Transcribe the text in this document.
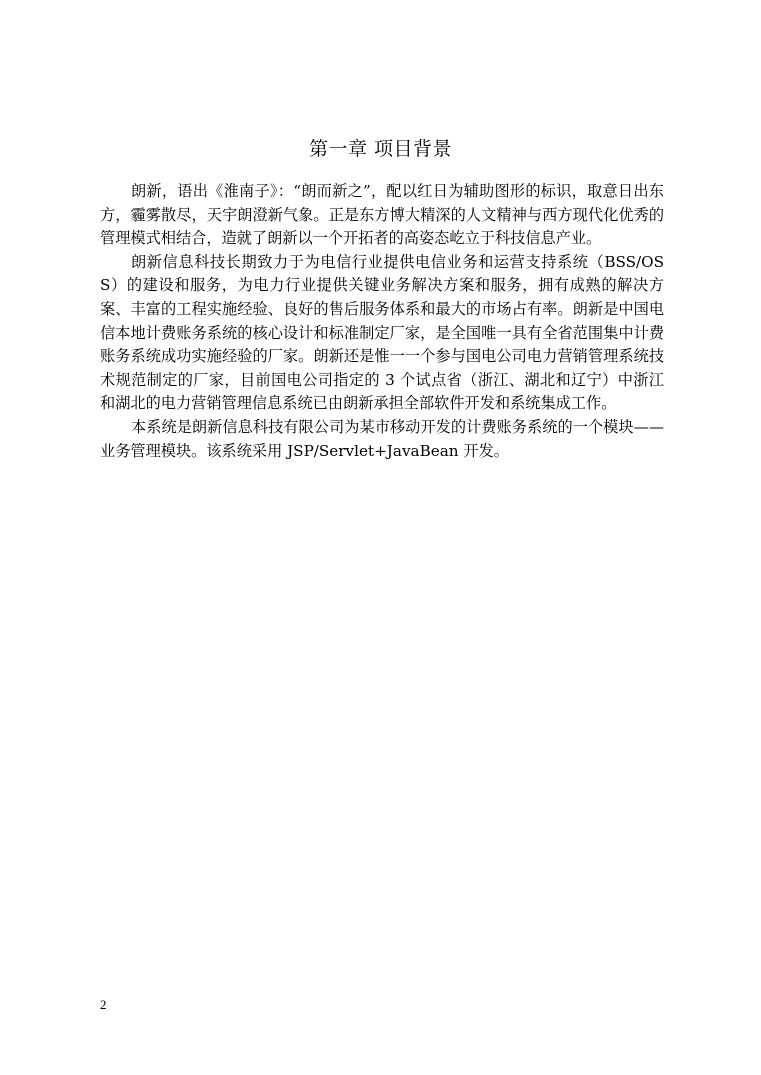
第一章 项目背景

朗新，语出《淮南子》：“朗而新之”，配以红日为辅助图形的标识，取意日出东方，霾雾散尽，天宇朗澄新气象。正是东方博大精深的人文精神与西方现代化优秀的管理模式相结合，造就了朗新以一个开拓者的高姿态屹立于科技信息产业。

朗新信息科技长期致力于为电信行业提供电信业务和运营支持系统（BSS/OSS）的建设和服务，为电力行业提供关键业务解决方案和服务，拥有成熟的解决方案、丰富的工程实施经验、良好的售后服务体系和最大的市场占有率。朗新是中国电信本地计费账务系统的核心设计和标准制定厂家，是全国唯一具有全省范围集中计费账务系统成功实施经验的厂家。朗新还是惟一一个参与国电公司电力营销管理系统技术规范制定的厂家，目前国电公司指定的 3 个试点省（浙江、湖北和辽宁）中浙江和湖北的电力营销管理信息系统已由朗新承担全部软件开发和系统集成工作。

本系统是朗新信息科技有限公司为某市移动开发的计费账务系统的一个模块——业务管理模块。该系统采用 JSP/Servlet+JavaBean 开发。

2
